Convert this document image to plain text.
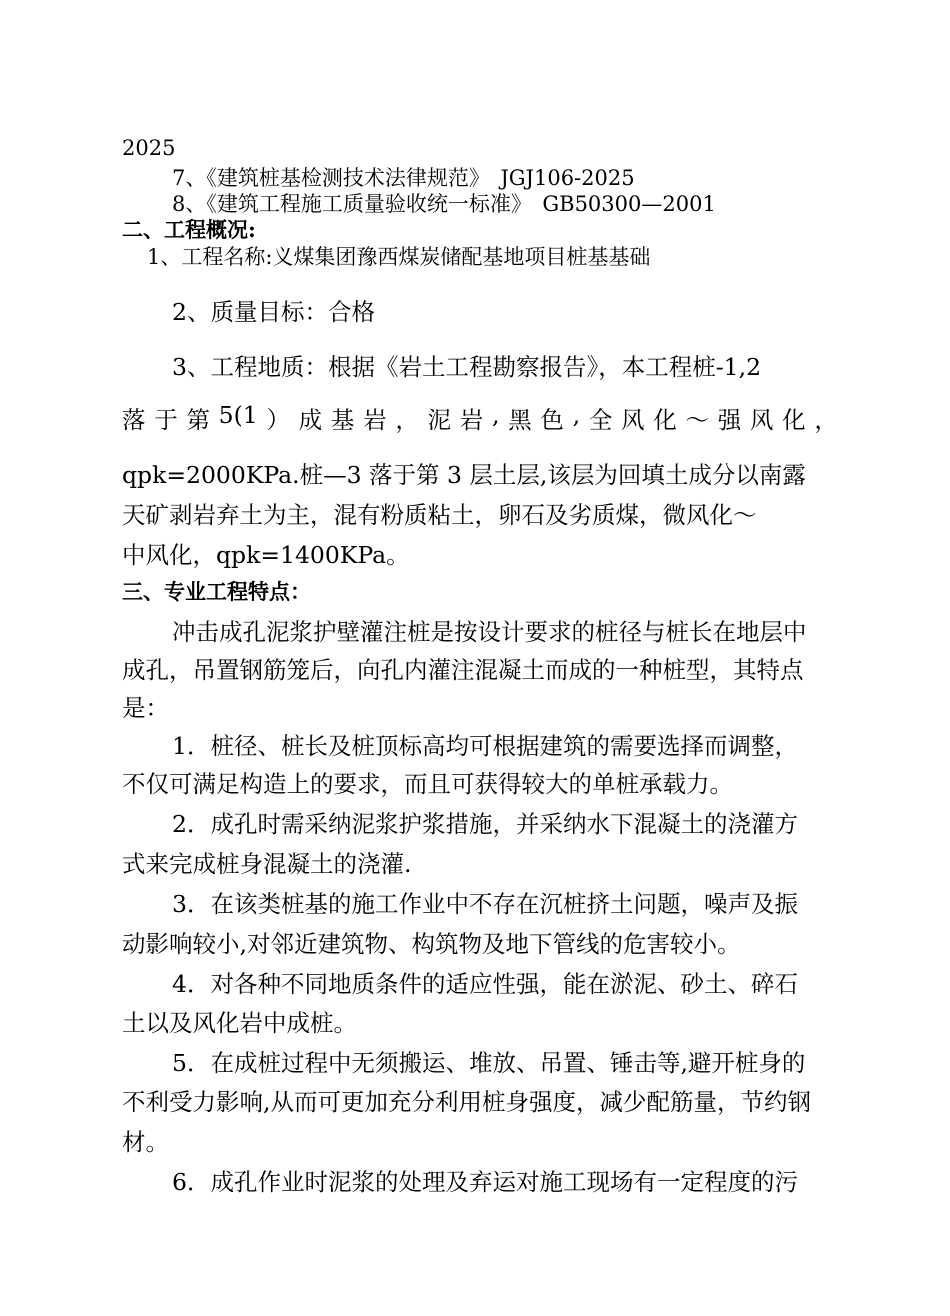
2025

7、《建筑桩基检测技术法律规范》　JGJ106-2025

8、《建筑工程施工质量验收统一标准》　GB50300—2001

二、工程概况:

1、工程名称:义煤集团豫西煤炭储配基地项目桩基基础

2、质量目标：合格

3、工程地质：根据《岩土工程勘察报告》，本工程桩-1,2

落 于 第 5(1 ） 成 基 岩 ， 泥 岩 , 黑 色 , 全 风 化 ～ 强 风 化 ，

qpk=2000KPa.桩—3 落于第 3 层土层,该层为回填土成分以南露

天矿剥岩弃土为主，混有粉质粘土，卵石及劣质煤，微风化～

中风化，qpk=1400KPa。

三、专业工程特点：

冲击成孔泥浆护壁灌注桩是按设计要求的桩径与桩长在地层中

成孔，吊置钢筋笼后，向孔内灌注混凝土而成的一种桩型，其特点

是：

1．桩径、桩长及桩顶标高均可根据建筑的需要选择而调整，

不仅可满足构造上的要求，而且可获得较大的单桩承载力。

2．成孔时需采纳泥浆护浆措施，并采纳水下混凝土的浇灌方

式来完成桩身混凝土的浇灌.

3．在该类桩基的施工作业中不存在沉桩挤土问题，噪声及振

动影响较小,对邻近建筑物、构筑物及地下管线的危害较小。

4．对各种不同地质条件的适应性强，能在淤泥、砂土、碎石

土以及风化岩中成桩。

5．在成桩过程中无须搬运、堆放、吊置、锤击等,避开桩身的

不利受力影响,从而可更加充分利用桩身强度，减少配筋量，节约钢

材。

6．成孔作业时泥浆的处理及弃运对施工现场有一定程度的污
